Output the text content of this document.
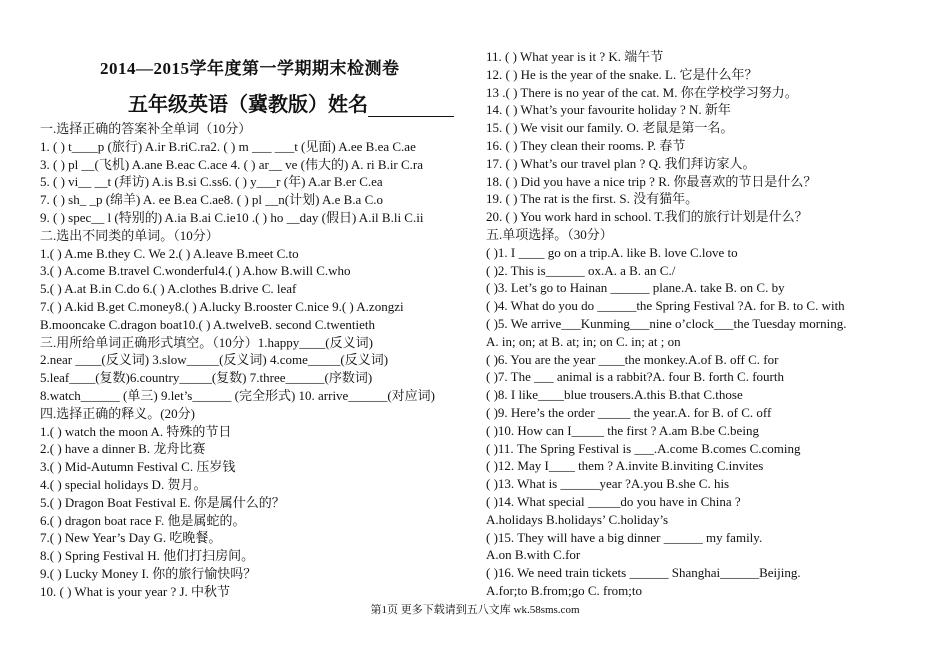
2014—2015学年度第一学期期末检测卷
五年级英语（冀教版）姓名
一.选择正确的答案补全单词（10分）
1. ( ) t____p (旅行) A.ir B.riC.ra2. ( ) m ___ ___t (见面) A.ee B.ea C.ae
3. ( ) pl __(飞机) A.ane B.eac C.ace 4. ( ) ar__ ve (伟大的) A. ri B.ir C.ra
5. ( ) vi__ __t (拜访) A.is B.si C.ss6. ( ) y___r (年) A.ar B.er C.ea
7. ( ) sh_ _p (绵羊) A. ee B.ea C.ae8. ( ) pl __n(计划) A.e B.a C.o
9. ( ) spec__ l (特别的) A.ia B.ai C.ie10 .( ) ho __day (假日) A.il B.li C.ii
二.选出不同类的单词。（10分）
1.( ) A.me B.they C. We 2.( ) A.leave B.meet C.to
3.( ) A.come B.travel C.wonderful4.( ) A.how B.will C.who
5.( ) A.at B.in C.do 6.( ) A.clothes B.drive C. leaf
7.( ) A.kid B.get C.money8.( ) A.lucky B.rooster C.nice 9.( ) A.zongzi
B.mooncake C.dragon boat10.( ) A.twelveB. second C.twentieth
三.用所给单词正确形式填空。（10分）1.happy____(反义词)
2.near ____(反义词) 3.slow_____(反义词) 4.come_____(反义词)
5.leaf____(复数)6.country_____(复数) 7.three______(序数词)
8.watch______ (单三) 9.let’s______ (完全形式) 10. arrive______(对应词)
四.选择正确的释义。(20分)
1.( ) watch the moon A. 特殊的节日
2.( ) have a dinner B. 龙舟比赛
3.( ) Mid-Autumn Festival C. 压岁钱
4.( ) special holidays D. 贺月。
5.( ) Dragon Boat Festival E. 你是属什么的？
6.( ) dragon boat race F. 他是属蛇的。
7.( ) New Year’s Day G. 吃晚餐。
8.( ) Spring Festival H. 他们打扫房间。
9.( ) Lucky Money I. 你的旅行愉快吗？
10. ( ) What is your year ? J. 中秋节
11. ( ) What year is it ? K. 端午节
12. ( ) He is the year of the snake. L. 它是什么年？
13 .( ) There is no year of the cat. M. 你在学校学习努力。
14. ( ) What’s your favourite holiday ? N. 新年
15. ( ) We visit our family. O. 老鼠是第一名。
16. ( ) They clean their rooms. P. 春节
17. ( ) What’s our travel plan ? Q. 我们拜访家人。
18. ( ) Did you have a nice trip ? R. 你最喜欢的节日是什么？
19. ( ) The rat is the first. S. 没有猫年。
20. ( ) You work hard in school. T.我们的旅行计划是什么？
五.单项选择。（30分）
( )1. I ____ go on a trip.A. like B. love C.love to
( )2. This is______ ox.A. a B. an C./
( )3. Let’s go to Hainan ______ plane.A. take B. on C. by
( )4. What do you do ______the Spring Festival ?A. for B. to C. with
( )5. We arrive___Kunming___nine o’clock___the Tuesday morning.
A. in; on; at B. at; in; on C. in; at ; on
( )6. You are the year ____the monkey.A.of B. off C. for
( )7. The ___ animal is a rabbit?A. four B. forth C. fourth
( )8. I like____blue trousers.A.this B.that C.those
( )9. Here’s the order _____ the year.A. for B. of C. off
( )10. How can I_____ the first ? A.am B.be C.being
( )11. The Spring Festival is ___.A.come B.comes C.coming
( )12. May I____ them ? A.invite B.inviting C.invites
( )13. What is ______year ?A.you B.she C. his
( )14. What special _____do you have in China ?
A.holidays B.holidays’ C.holiday’s
( )15. They will have a big dinner ______ my family.
A.on B.with C.for
( )16. We need train tickets ______ Shanghai______Beijing.
A.for;to B.from;go C. from;to
第1页 更多下载请到五八文库 wk.58sms.com
